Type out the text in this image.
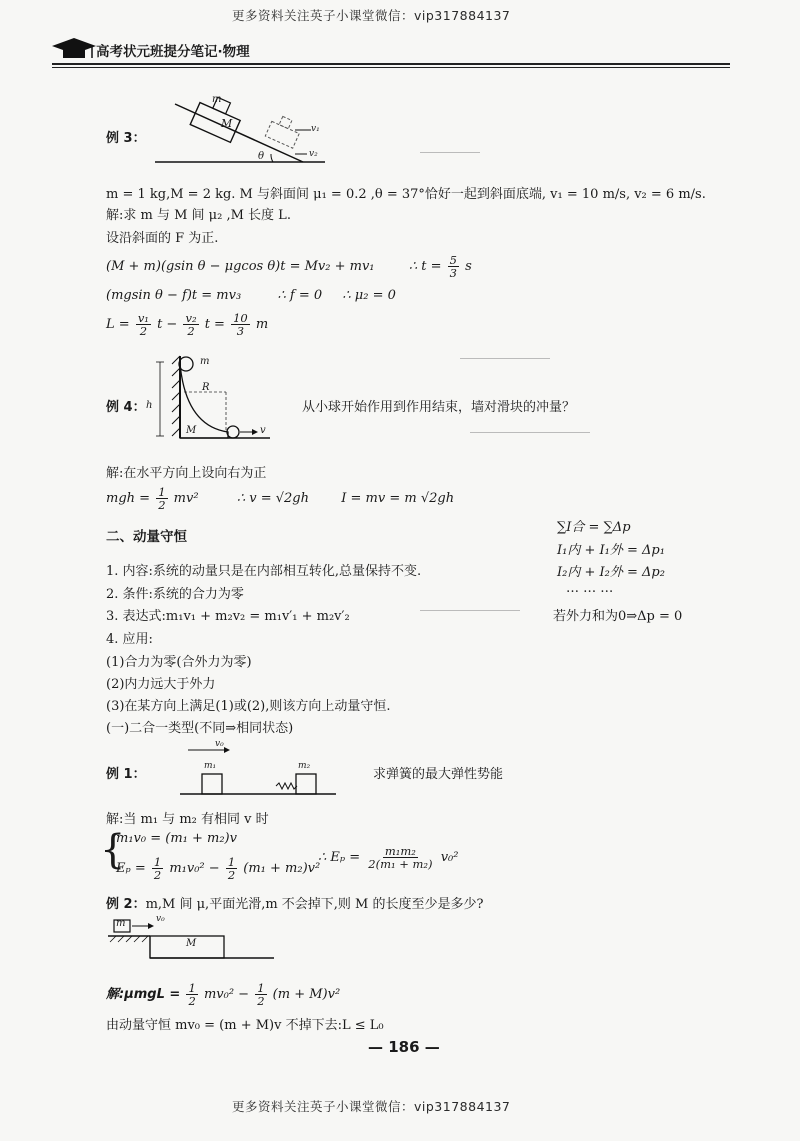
更多资料关注英子小课堂微信：vip317884137
高考状元班提分笔记·物理
例 3：
m
M
θ
v₁
v₂
m = 1 kg,M = 2 kg. M 与斜面间 μ₁ = 0.2 ,θ = 37°恰好一起到斜面底端, v₁ = 10 m/s, v₂ = 6 m/s.
解:求 m 与 M 间 μ₂ ,M 长度 L.
设沿斜面的 F 为正.
(M + m)(gsin θ − μgcos θ)t = Mv₂ + mv₁	∴ $t = \frac{5}{3}$ s
(mgsin θ − f)t = mv₃	∴ f = 0 ∴ μ₂ = 0
$L = \frac{\text{v₁}}{2}$ $t - \frac{\text{v₂}}{2}$ $t = \frac{10}{3}$ m
例 4：
m
R
h
M	v
从小球开始作用到作用结束，墙对滑块的冲量？
解:在水平方向上设向右为正
mgh = $\frac{1}{2} mv^2$	∴ v = √2gh I = mv = m √2gh
二、动量守恒
1. 内容:系统的动量只是在内部相互转化,总量保持不变.
2. 条件:系统的合力为零
3. 表达式:m₁v₁ + m₂v₂ = m₁v′₁ + m₂v′₂
4. 应用:
(1)合力为零(合外力为零)
(2)内力远大于外力
(3)在某方向上满足(1)或(2),则该方向上动量守恒.
(一)二合一类型(不同⇒相同状态)
∑I合 = ∑Δp
I₁内 + I₁外 = Δp₁
I₂内 + I₂外 = Δp₂
… … …
若外力和为0⇒Δp = 0
例 1：
v₀
m₁	m₂
求弹簧的最大弹性势能
解:当 m₁ 与 m₂ 有相同 v 时
{
m₁v₀ = (m₁ + m₂)v
$E_p = \frac{1}{2} m_1v_0^2 - \frac{1}{2} (m_1 + m_2)v^2$
∴ $E_p = \frac{\text{m₁m₂}}{\text{2(m₁ + m₂)}} v_0^2$
例 2：m,M 间 μ,平面光滑,m 不会掉下,则 M 的长度至少是多少?
m	v₀
M
解:μmgL = $\frac{1}{2} mv_0^2 - \frac{1}{2} (m + M)v^2$
由动量守恒 mv₀ = (m + M)v 不掉下去:L ≤ L₀
— 186 —
更多资料关注英子小课堂微信：vip317884137
